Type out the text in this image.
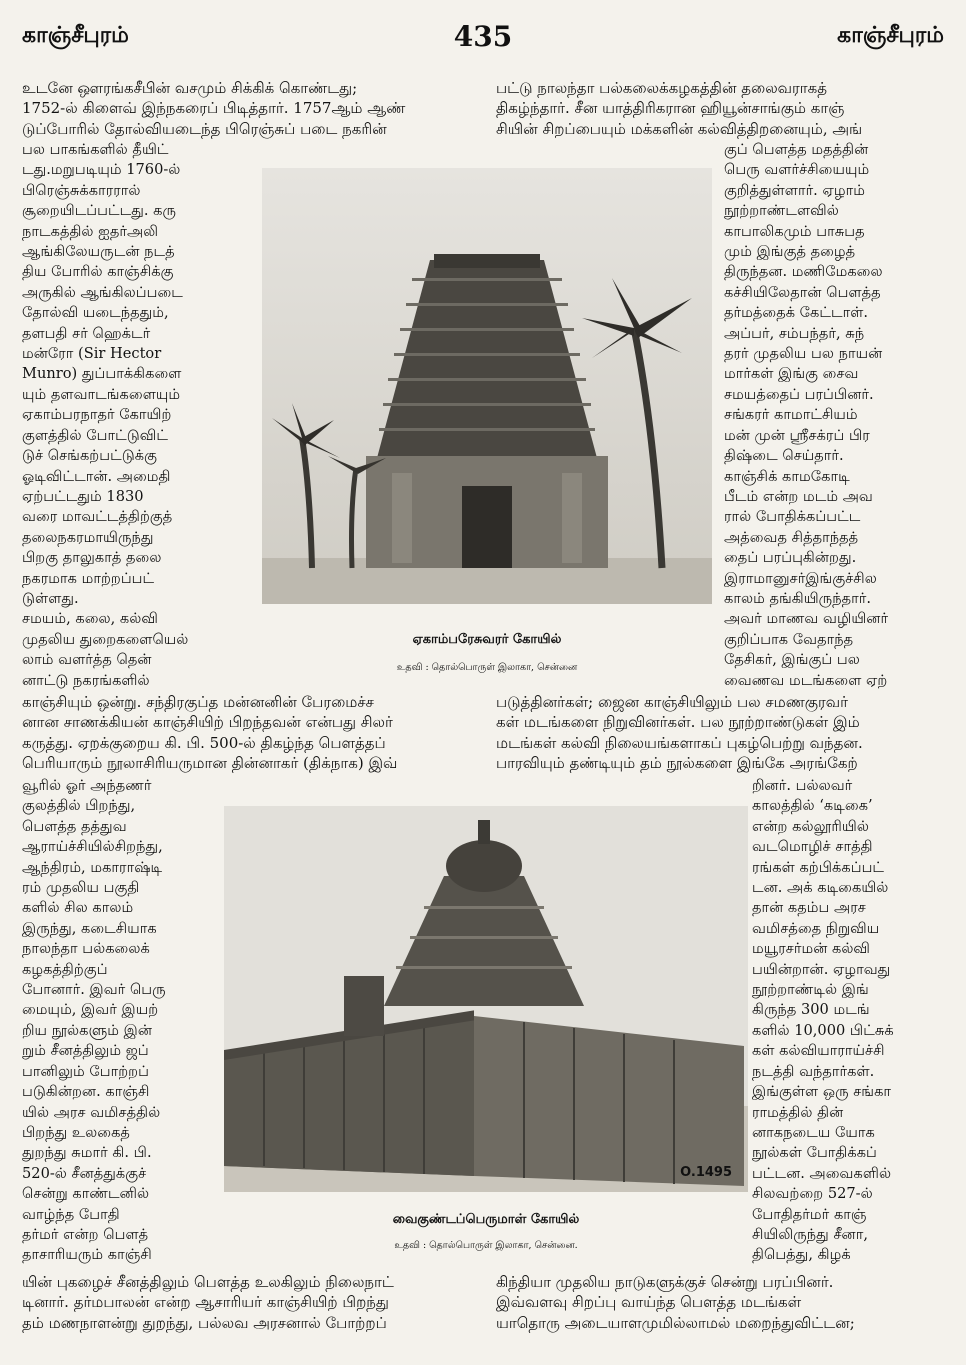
காஞ்சீபுரம்	435	காஞ்சீபுரம்
உடனே ஔரங்கசீபின் வசமும் சிக்கிக் கொண்டது;
1752-ல் கிளைவ் இந்நகரைப் பிடித்தார். 1757ஆம் ஆண்
டுப்போரில் தோல்வியடைந்த பிரெஞ்சுப் படை நகரின்
பட்டு நாலந்தா பல்கலைக்கழகத்தின் தலைவராகத்
திகழ்ந்தார். சீன யாத்திரிகரான ஹியூன்சாங்கும் காஞ்
சியின் சிறப்பையும் மக்களின் கல்வித்திறனையும், அங்
பல பாகங்களில் தீயிட்
டது.மறுபடியும் 1760-ல்
பிரெஞ்சுக்காரரால்
சூறையிடப்பட்டது. கரு
நாடகத்தில் ஐதர்அலி
ஆங்கிலேயருடன் நடத்
திய போரில் காஞ்சிக்கு
அருகில் ஆங்கிலப்படை
தோல்வி யடைந்ததும்,
தளபதி சர் ஹெக்டர்
மன்ரோ (Sir Hector
Munro) துப்பாக்கிகளை
யும் தளவாடங்களையும்
ஏகாம்பரநாதர் கோயிற்
குளத்தில் போட்டுவிட்
டுச் செங்கற்பட்டுக்கு
ஓடிவிட்டான். அமைதி
ஏற்பட்டதும் 1830
வரை மாவட்டத்திற்குத்
தலைநகரமாயிருந்து
பிறகு தாலுகாத் தலை
நகரமாக மாற்றப்பட்
டுள்ளது.
சமயம், கலை, கல்வி
முதலிய துறைகளையெல்
லாம் வளர்த்த தென்
னாட்டு நகரங்களில்
ஏகாம்பரேசுவரர் கோயில்
உதவி : தொல்பொருள் இலாகா, சென்னை
குப் பௌத்த மதத்தின்
பெரு வளர்ச்சியையும்
குறித்துள்ளார். ஏழாம்
நூற்றாண்டளவில்
காபாலிகமும் பாசுபத
மும் இங்குத் தழைத்
திருந்தன. மணிமேகலை
கச்சியிலேதான் பௌத்த
தர்மத்தைக் கேட்டாள்.
அப்பர், சம்பந்தர், சுந்
தரர் முதலிய பல நாயன்
மார்கள் இங்கு சைவ
சமயத்தைப் பரப்பினர்.
சங்கரர் காமாட்சியம்
மன் முன் ஸ்ரீசக்ரப் பிர
திஷ்டை செய்தார்.
காஞ்சிக் காமகோடி
பீடம் என்ற மடம் அவ
ரால் போதிக்கப்பட்ட
அத்வைத சித்தாந்தத்
தைப் பரப்புகின்றது.
இராமானுசர்இங்குச்சில
காலம் தங்கியிருந்தார்.
அவர் மாணவ வழியினர்
குறிப்பாக வேதாந்த
தேசிகர், இங்குப் பல
வைணவ மடங்களை ஏற்
காஞ்சியும் ஒன்று. சந்திரகுப்த மன்னனின் பேரமைச்ச
னான சாணக்கியன் காஞ்சியிற் பிறந்தவன் என்பது சிலர்
கருத்து. ஏறக்குறைய கி. பி. 500-ல் திகழ்ந்த பௌத்தப்
பெரியாரும் நூலாசிரியருமான தின்னாகர் (திக்நாக) இவ்
படுத்தினர்கள்; ஜைன காஞ்சியிலும் பல சமணகுரவர்
கள் மடங்களை நிறுவினர்கள். பல நூற்றாண்டுகள் இம்
மடங்கள் கல்வி நிலையங்களாகப் புகழ்பெற்று வந்தன.
பாரவியும் தண்டியும் தம் நூல்களை இங்கே அரங்கேற்
வூரில் ஓர் அந்தணர்
குலத்தில் பிறந்து,
பௌத்த தத்துவ
ஆராய்ச்சியில்சிறந்து,
ஆந்திரம், மகாராஷ்டி
ரம் முதலிய பகுதி
களில் சில காலம்
இருந்து, கடைசியாக
நாலந்தா பல்கலைக்
கழகத்திற்குப்
போனார். இவர் பெரு
மையும், இவர் இயற்
றிய நூல்களும் இன்
றும் சீனத்திலும் ஜப்
பானிலும் போற்றப்
படுகின்றன. காஞ்சி
யில் அரச வமிசத்தில்
பிறந்து உலகைத்
துறந்து சுமார் கி. பி.
520-ல் சீனத்துக்குச்
சென்று காண்டனில்
வாழ்ந்த போதி
தர்மர் என்ற பௌத்
தாசாரியரும் காஞ்சி
O.1495
வைகுண்டப்பெருமாள் கோயில்
உதவி : தொல்பொருள் இலாகா, சென்னை.
றினர். பல்லவர்
காலத்தில் ‘கடிகை’
என்ற கல்லூரியில்
வடமொழிச் சாத்தி
ரங்கள் கற்பிக்கப்பட்
டன. அக் கடிகையில்
தான் கதம்ப அரச
வமிசத்தை நிறுவிய
மயூரசர்மன் கல்வி
பயின்றான். ஏழாவது
நூற்றாண்டில் இங்
கிருந்த 300 மடங்
களில் 10,000 பிட்சுக்
கள் கல்வியாராய்ச்சி
நடத்தி வந்தார்கள்.
இங்குள்ள ஒரு சங்கா
ராமத்தில் தின்
னாகநடைய யோக
நூல்கள் போதிக்கப்
பட்டன. அவைகளில்
சிலவற்றை 527-ல்
போதிதர்மர் காஞ்
சியிலிருந்து சீனா,
திபெத்து, கிழக்
யின் புகழைச் சீனத்திலும் பௌத்த உலகிலும் நிலைநாட்
டினார். தர்மபாலன் என்ற ஆசாரியர் காஞ்சியிற் பிறந்து
தம் மணநாளன்று துறந்து, பல்லவ அரசனால் போற்றப்
கிந்தியா முதலிய நாடுகளுக்குச் சென்று பரப்பினர்.
இவ்வளவு சிறப்பு வாய்ந்த பௌத்த மடங்கள்
யாதொரு அடையாளமுமில்லாமல் மறைந்துவிட்டன;
